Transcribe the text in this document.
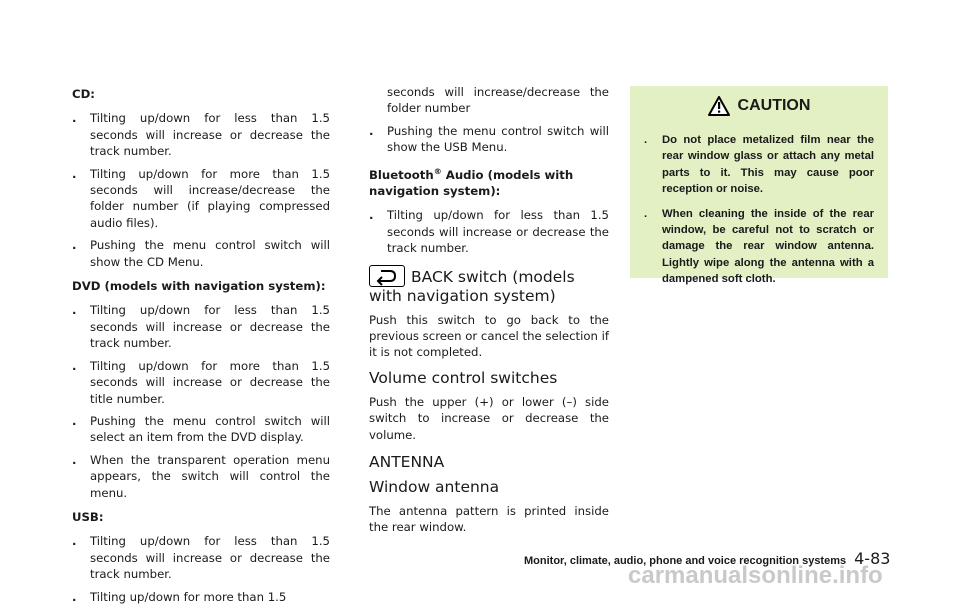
CD:
. Tilting up/down for less than 1.5 seconds will increase or decrease the track number.
. Tilting up/down for more than 1.5 seconds will increase/decrease the folder number (if playing compressed audio files).
. Pushing the menu control switch will show the CD Menu.
DVD (models with navigation system):
. Tilting up/down for less than 1.5 seconds will increase or decrease the track number.
. Tilting up/down for more than 1.5 seconds will increase or decrease the title number.
. Pushing the menu control switch will select an item from the DVD display.
. When the transparent operation menu appears, the switch will control the menu.
USB:
. Tilting up/down for less than 1.5 seconds will increase or decrease the track number.
. Tilting up/down for more than 1.5
seconds will increase/decrease the folder number
. Pushing the menu control switch will show the USB Menu.
Bluetooth® Audio (models with navigation system):
. Tilting up/down for less than 1.5 seconds will increase or decrease the track number.
BACK switch (models with navigation system)

Push this switch to go back to the previous screen or cancel the selection if it is not completed.

Volume control switches

Push the upper (+) or lower (–) side switch to increase or decrease the volume.

ANTENNA
Window antenna

The antenna pattern is printed inside the rear window.

CAUTION
. Do not place metalized film near the rear window glass or attach any metal parts to it. This may cause poor reception or noise.
. When cleaning the inside of the rear window, be careful not to scratch or damage the rear window antenna. Lightly wipe along the antenna with a dampened soft cloth.
Monitor, climate, audio, phone and voice recognition systems 4-83
carmanualsonline.info
